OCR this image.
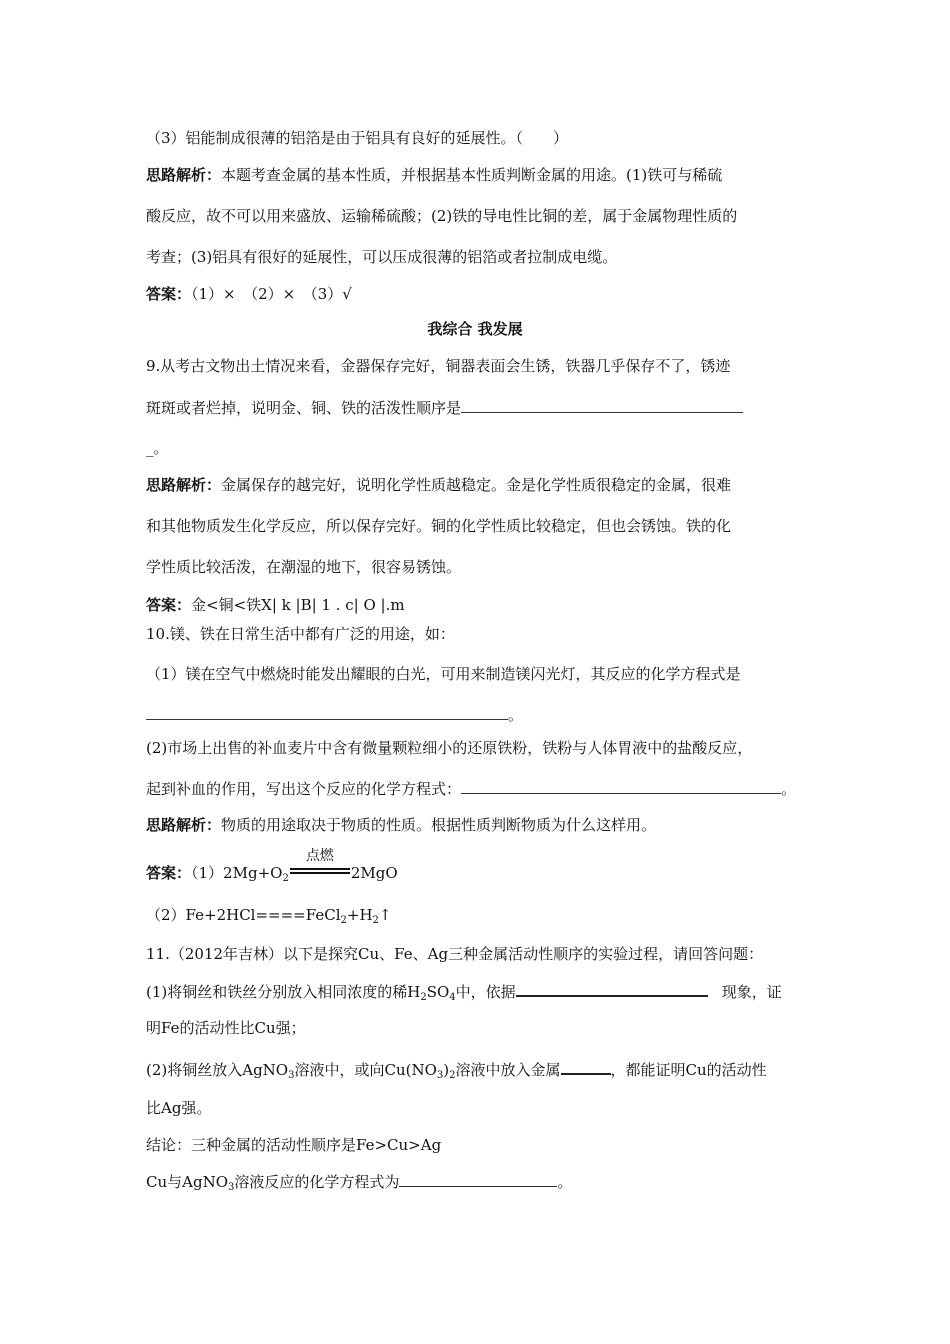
（3）铝能制成很薄的铝箔是由于铝具有良好的延展性。（　　）
思路解析：本题考查金属的基本性质，并根据基本性质判断金属的用途。(1)铁可与稀硫
酸反应，故不可以用来盛放、运输稀硫酸；(2)铁的导电性比铜的差，属于金属物理性质的
考查；(3)铝具有很好的延展性，可以压成很薄的铝箔或者拉制成电缆。
答案：（1）×　（2）×　（3）√
我综合 我发展
9.从考古文物出土情况来看，金器保存完好，铜器表面会生锈，铁器几乎保存不了，锈迹
斑斑或者烂掉，说明金、铜、铁的活泼性顺序是
_。
思路解析：金属保存的越完好，说明化学性质越稳定。金是化学性质很稳定的金属，很难
和其他物质发生化学反应，所以保存完好。铜的化学性质比较稳定，但也会锈蚀。铁的化
学性质比较活泼，在潮湿的地下，很容易锈蚀。
答案：金<铜<铁X| k |B| 1 . c| O |.m
10.镁、铁在日常生活中都有广泛的用途，如：
（1）镁在空气中燃烧时能发出耀眼的白光，可用来制造镁闪光灯，其反应的化学方程式是
。
(2)市场上出售的补血麦片中含有微量颗粒细小的还原铁粉，铁粉与人体胃液中的盐酸反应，
起到补血的作用，写出这个反应的化学方程式：	。
思路解析：物质的用途取决于物质的性质。根据性质判断物质为什么这样用。
答案：$(1)2Mg+O_2$
点燃
2MgO
$(2)Fe+2HCl====FeCl_2+H_2↑$
11.（2012年吉林）以下是探究Cu、Fe、Ag三种金属活动性顺序的实验过程，请回答问题：
(1)将铜丝和铁丝分别放入相同浓度的稀$H_2SO_4$中，依据	现象，证
明Fe的活动性比Cu强；
(2)将铜丝放入AgNO$_3$溶液中，或向$Cu(NO_3)_2$溶液中放入金属	，都能证明Cu的活动性
比Ag强。
结论：三种金属的活动性顺序是Fe>Cu>Ag
Cu与AgNO$_3$溶液反应的化学方程式为	。
